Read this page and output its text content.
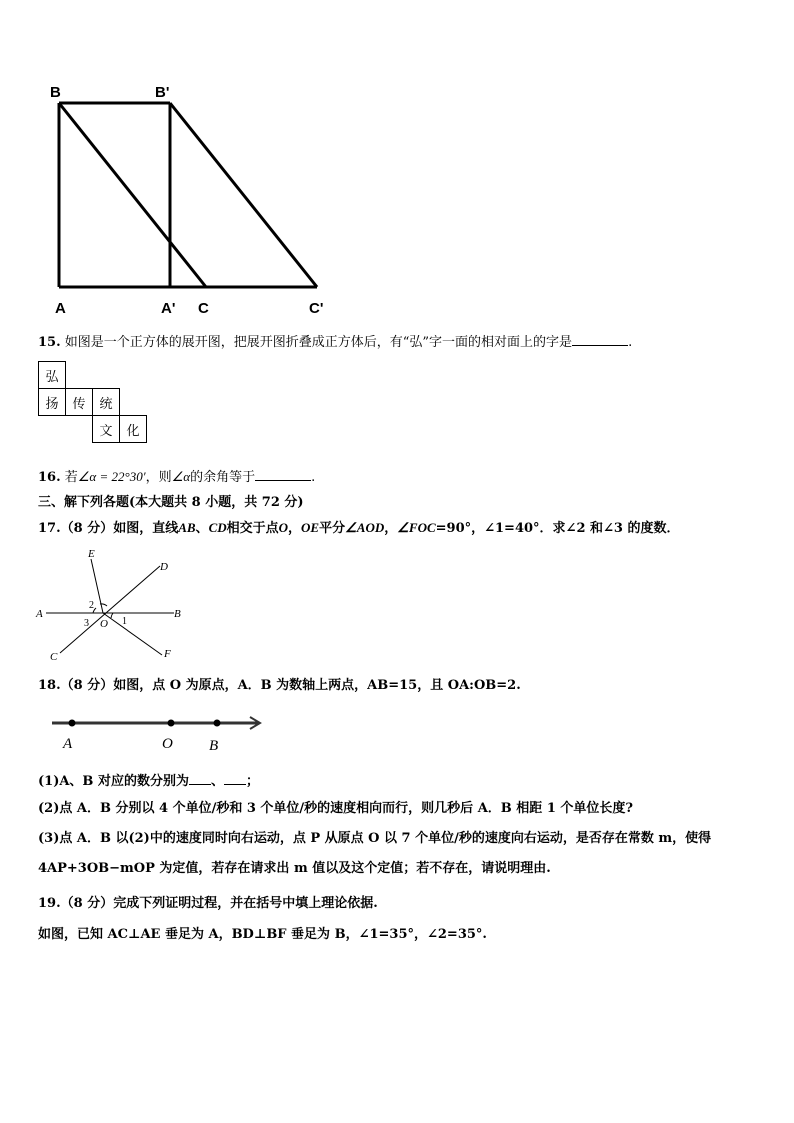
B	B'
A	A' C	C'
15. 如图是一个正方体的展开图，把展开图折叠成正方体后，有“弘”字一面的相对面上的字是	.
弘			
扬	传	统	
		文	化
16. 若∠α = 22°30′，则∠α的余角等于	.
三、解下列各题(本大题共 8 小题，共 72 分)
17.（8 分）如图，直线AB、CD相交于点O，OE平分∠AOD，∠FOC=90°，∠1=40°．求∠2 和∠3 的度数．
E
D
A	B
C	F
O 1
2
3
18.（8 分）如图，点 O 为原点，A．B 为数轴上两点，AB=15，且 OA:OB=2.
A	O B
(1)A、B 对应的数分别为 、 ；
(2)点 A．B 分别以 4 个单位/秒和 3 个单位/秒的速度相向而行，则几秒后 A．B 相距 1 个单位长度?
(3)点 A．B 以(2)中的速度同时向右运动，点 P 从原点 O 以 7 个单位/秒的速度向右运动，是否存在常数 m，使得
4AP+3OB−mOP 为定值，若存在请求出 m 值以及这个定值；若不存在，请说明理由.
19.（8 分）完成下列证明过程，并在括号中填上理论依据.
如图，已知 AC⊥AE 垂足为 A，BD⊥BF 垂足为 B，∠1=35°，∠2=35°.
